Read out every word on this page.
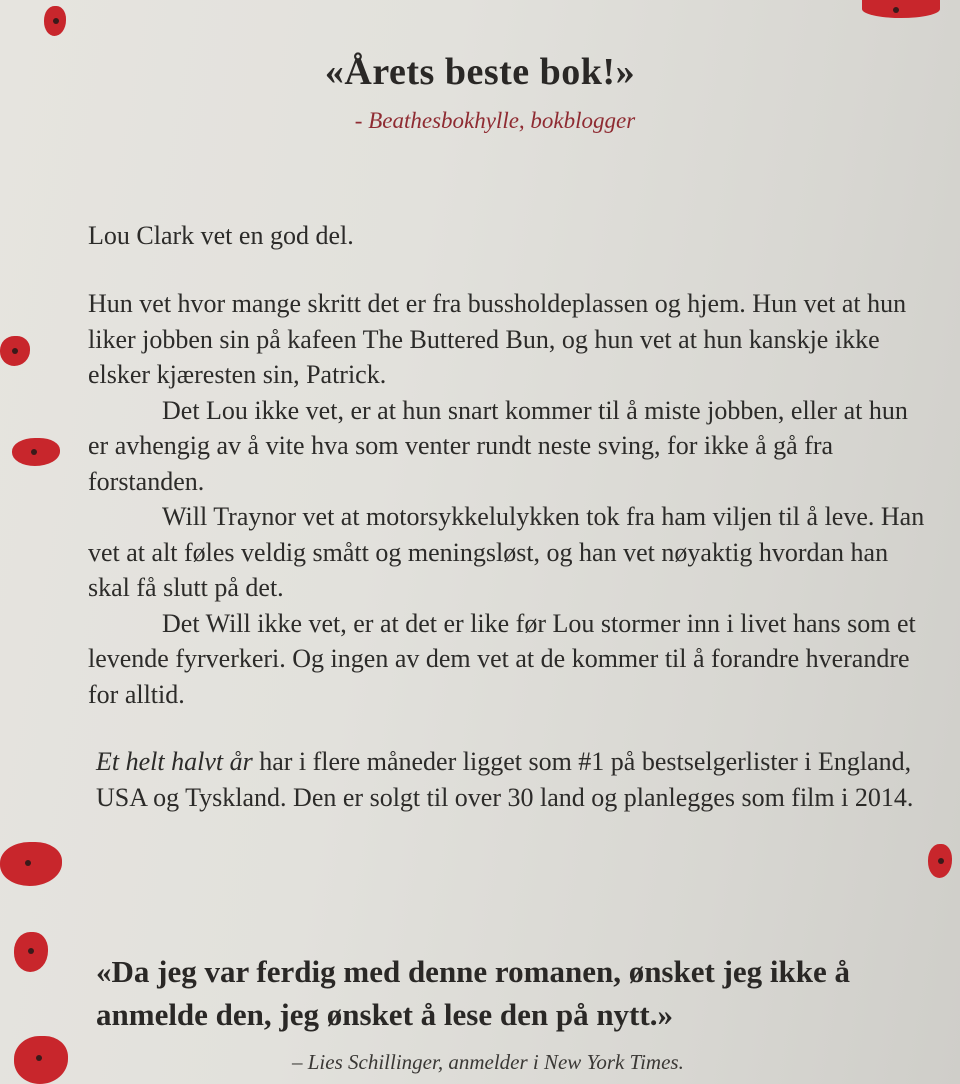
«Årets beste bok!»
- Beathesbokhylle, bokblogger
Lou Clark vet en god del.

Hun vet hvor mange skritt det er fra bussholdeplassen og hjem. Hun vet at hun liker jobben sin på kafeen The Buttered Bun, og hun vet at hun kanskje ikke elsker kjæresten sin, Patrick.

Det Lou ikke vet, er at hun snart kommer til å miste jobben, eller at hun er avhengig av å vite hva som venter rundt neste sving, for ikke å gå fra forstanden.

Will Traynor vet at motorsykkelulykken tok fra ham viljen til å leve. Han vet at alt føles veldig smått og meningsløst, og han vet nøyaktig hvordan han skal få slutt på det.

Det Will ikke vet, er at det er like før Lou stormer inn i livet hans som et levende fyrverkeri. Og ingen av dem vet at de kommer til å forandre hverandre for alltid.

Et helt halvt år har i flere måneder ligget som #1 på bestselgerlister i England, USA og Tyskland. Den er solgt til over 30 land og planlegges som film i 2014.

«Da jeg var ferdig med denne romanen, ønsket jeg ikke å anmelde den, jeg ønsket å lese den på nytt.»
– Lies Schillinger, anmelder i New York Times.
